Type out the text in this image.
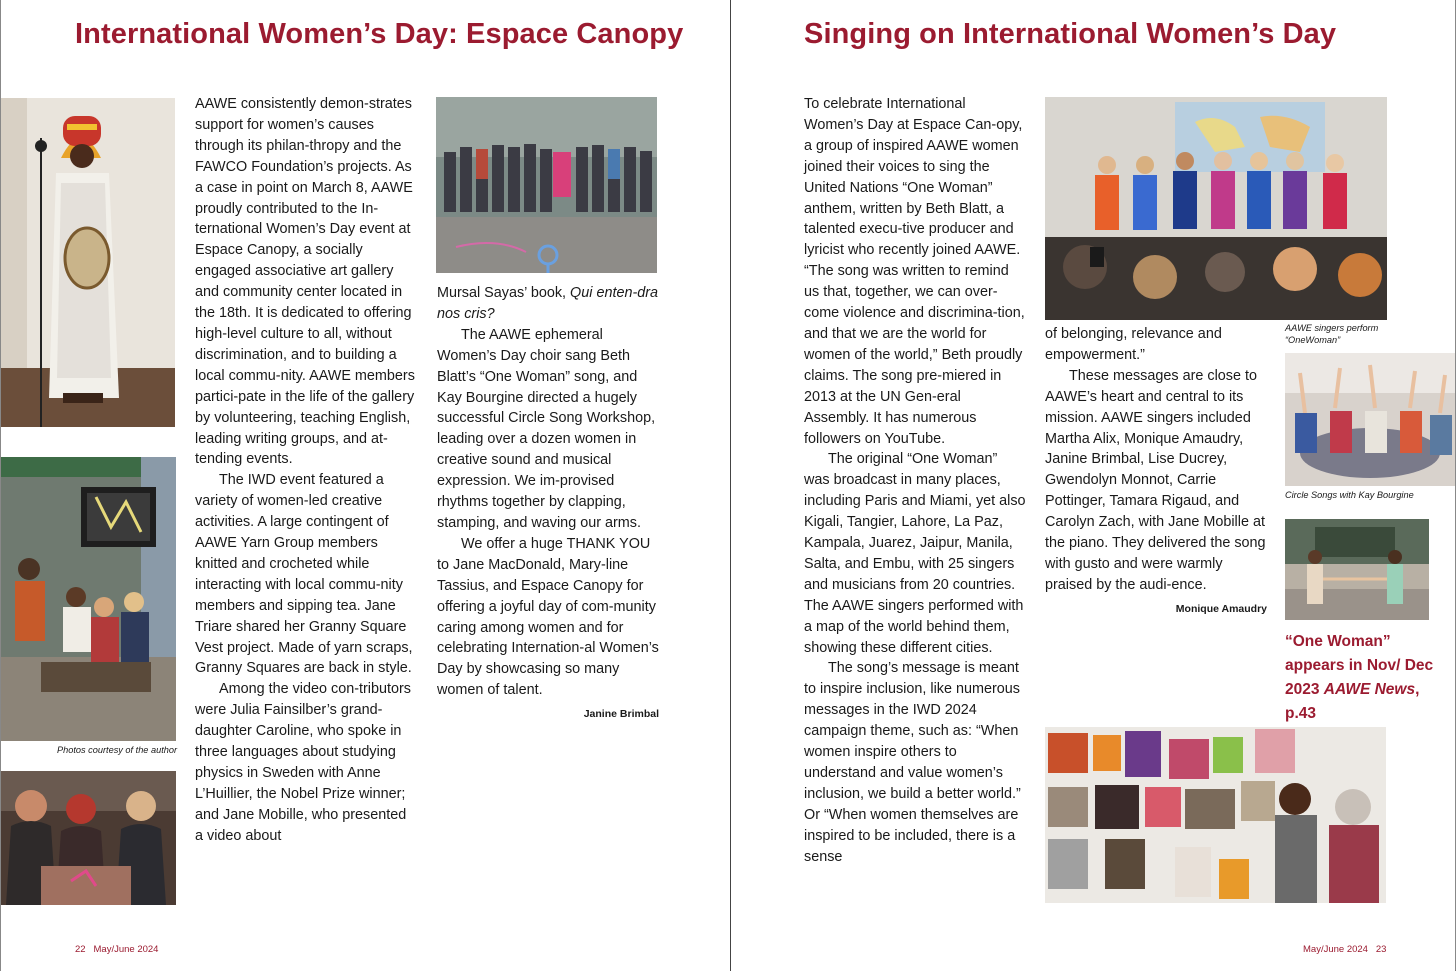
International Women’s Day: Espace Canopy
Photos courtesy of the author

AAWE consistently demon-strates support for women’s causes through its philan-thropy and the FAWCO Foundation’s projects. As a case in point on March 8, AAWE proudly contributed to the In-ternational Women’s Day event at Espace Canopy, a socially engaged associative art gallery and community center located in the 18th. It is dedicated to offering high-level culture to all, without discrimination, and to building a local commu-nity. AAWE members partici-pate in the life of the gallery by volunteering, teaching English, leading writing groups, and at-tending events.

The IWD event featured a variety of women-led creative activities. A large contingent of AAWE Yarn Group members knitted and crocheted while interacting with local commu-nity members and sipping tea. Jane Triare shared her Granny Square Vest project. Made of yarn scraps, Granny Squares are back in style.

Among the video con-tributors were Julia Fainsilber’s grand-daughter Caroline, who spoke in three languages about studying physics in Sweden with Anne L’Huillier, the Nobel Prize winner; and Jane Mobille, who presented a video about

Mursal Sayas’ book, Qui enten-dra nos cris?

The AAWE ephemeral Women’s Day choir sang Beth Blatt’s “One Woman” song, and Kay Bourgine directed a hugely successful Circle Song Workshop, leading over a dozen women in creative sound and musical expression. We im-provised rhythms together by clapping, stamping, and waving our arms.

We offer a huge THANK YOU to Jane MacDonald, Mary-line Tassius, and Espace Canopy for offering a joyful day of com-munity caring among women and for celebrating Internation-al Women’s Day by showcasing so many women of talent.

Janine Brimbal
22 May/June 2024
Singing on International Women’s Day

To celebrate International Women’s Day at Espace Can-opy, a group of inspired AAWE women joined their voices to sing the United Nations “One Woman” anthem, written by Beth Blatt, a talented execu-tive producer and lyricist who recently joined AAWE. “The song was written to remind us that, together, we can over-come violence and discrimina-tion, and that we are the world for women of the world,” Beth proudly claims. The song pre-miered in 2013 at the UN Gen-eral Assembly. It has numerous followers on YouTube.

The original “One Woman” was broadcast in many places, including Paris and Miami, yet also Kigali, Tangier, Lahore, La Paz, Kampala, Juarez, Jaipur, Manila, Salta, and Embu, with 25 singers and musicians from 20 countries. The AAWE singers performed with a map of the world behind them, showing these different cities.

The song’s message is meant to inspire inclusion, like numerous messages in the IWD 2024 campaign theme, such as: “When women inspire others to understand and value women’s inclusion, we build a better world.” Or “When women themselves are inspired to be included, there is a sense

AAWE singers perform “OneWoman”

of belonging, relevance and empowerment.”

These messages are close to AAWE’s heart and central to its mission. AAWE singers included Martha Alix, Monique Amaudry, Janine Brimbal, Lise Ducrey, Gwendolyn Monnot, Carrie Pottinger, Tamara Rigaud, and Carolyn Zach, with Jane Mobille at the piano. They delivered the song with gusto and were warmly praised by the audi-ence.

Monique Amaudry
Circle Songs with Kay Bourgine
“One Woman” appears in Nov/ Dec 2023 AAWE News, p.43
May/June 2024 23
